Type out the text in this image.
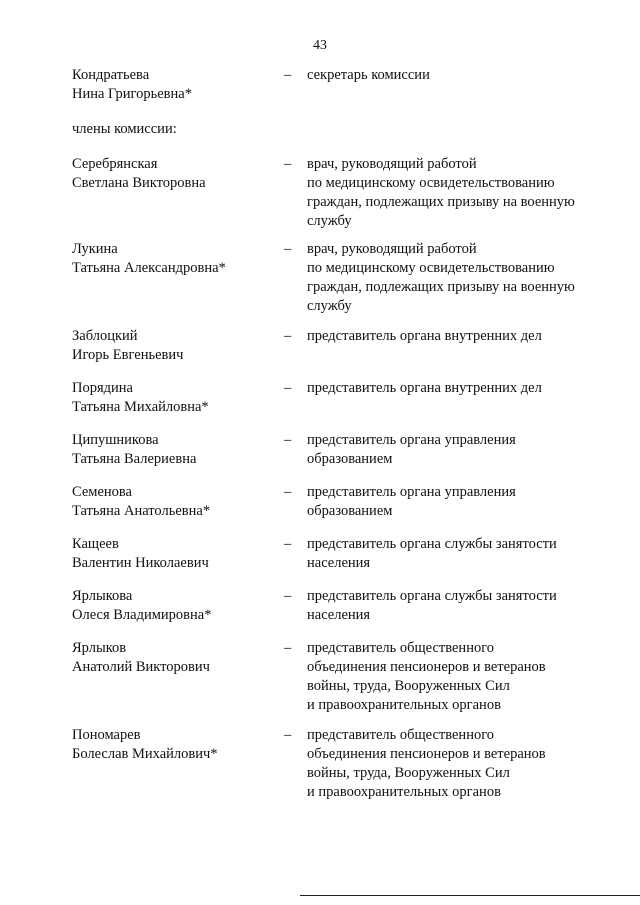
43
Кондратьева
Нина Григорьевна*
– секретарь комиссии
члены комиссии:
Серебрянская
Светлана Викторовна
– врач, руководящий работой
по медицинскому освидетельствованию
граждан, подлежащих призыву на военную
службу
Лукина
Татьяна Александровна*
– врач, руководящий работой
по медицинскому освидетельствованию
граждан, подлежащих призыву на военную
службу
Заблоцкий
Игорь Евгеньевич
– представитель органа внутренних дел
Порядина
Татьяна Михайловна*
– представитель органа внутренних дел
Ципушникова
Татьяна Валериевна
– представитель органа управления
образованием
Семенова
Татьяна Анатольевна*
– представитель органа управления
образованием
Кащеев
Валентин Николаевич
– представитель органа службы занятости
населения
Ярлыкова
Олеся Владимировна*
– представитель органа службы занятости
населения
Ярлыков
Анатолий Викторович
– представитель общественного
объединения пенсионеров и ветеранов
войны, труда, Вооруженных Сил
и правоохранительных органов
Пономарев
Болеслав Михайлович*
– представитель общественного
объединения пенсионеров и ветеранов
войны, труда, Вооруженных Сил
и правоохранительных органов
